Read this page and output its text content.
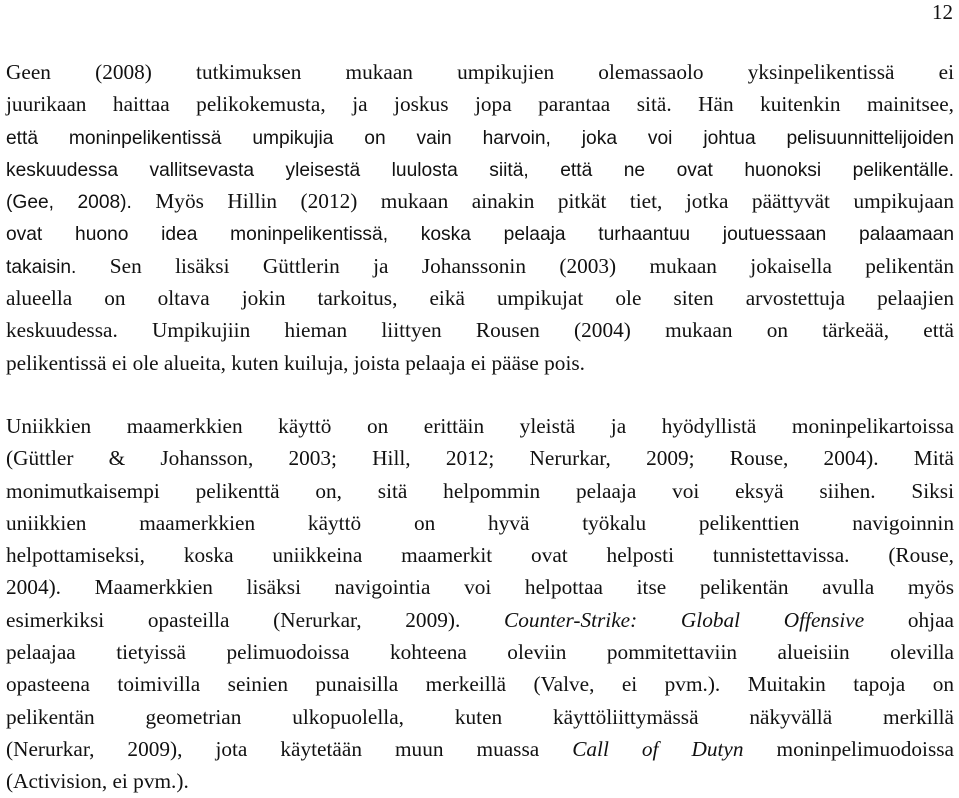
12
Geen (2008) tutkimuksen mukaan umpikujien olemassaolo yksinpelikentissä ei
juurikaan haittaa pelikokemusta, ja joskus jopa parantaa sitä. Hän kuitenkin mainitsee,
että moninpelikentissä umpikujia on vain harvoin, joka voi johtua pelisuunnittelijoiden
keskuudessa vallitsevasta yleisestä luulosta siitä, että ne ovat huonoksi pelikentälle.
(Gee, 2008). Myös Hillin (2012) mukaan ainakin pitkät tiet, jotka päättyvät umpikujaan
ovat huono idea moninpelikentissä, koska pelaaja turhaantuu joutuessaan palaamaan
takaisin. Sen lisäksi Güttlerin ja Johanssonin (2003) mukaan jokaisella pelikentän
alueella on oltava jokin tarkoitus, eikä umpikujat ole siten arvostettuja pelaajien
keskuudessa. Umpikujiin hieman liittyen Rousen (2004) mukaan on tärkeää, että
pelikentissä ei ole alueita, kuten kuiluja, joista pelaaja ei pääse pois.
Uniikkien maamerkkien käyttö on erittäin yleistä ja hyödyllistä moninpelikartoissa
(Güttler & Johansson, 2003; Hill, 2012; Nerurkar, 2009; Rouse, 2004). Mitä
monimutkaisempi pelikenttä on, sitä helpommin pelaaja voi eksyä siihen. Siksi
uniikkien maamerkkien käyttö on hyvä työkalu pelikenttien navigoinnin
helpottamiseksi, koska uniikkeina maamerkit ovat helposti tunnistettavissa. (Rouse,
2004). Maamerkkien lisäksi navigointia voi helpottaa itse pelikentän avulla myös
esimerkiksi opasteilla (Nerurkar, 2009). Counter-Strike: Global Offensive ohjaa
pelaajaa tietyissä pelimuodoissa kohteena oleviin pommitettaviin alueisiin olevilla
opasteena toimivilla seinien punaisilla merkeillä (Valve, ei pvm.). Muitakin tapoja on
pelikentän geometrian ulkopuolella, kuten käyttöliittymässä näkyvällä merkillä
(Nerurkar, 2009), jota käytetään muun muassa Call of Dutyn moninpelimuodoissa
(Activision, ei pvm.).
